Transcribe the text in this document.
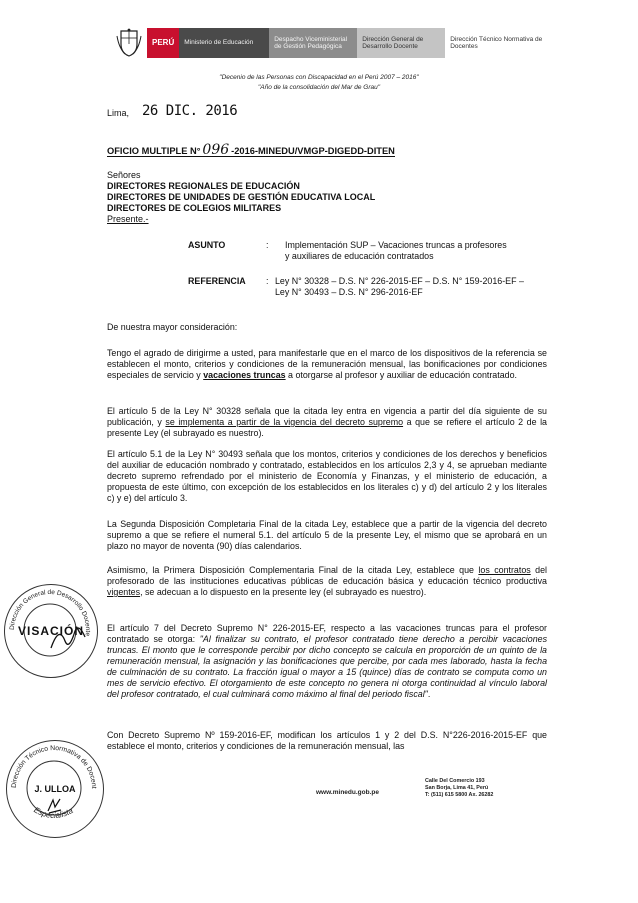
PERÚ	Ministerio de Educación
Despacho Viceministerial de Gestión Pedagógica
Dirección General de Desarrollo Docente
Dirección Técnico Normativa de Docentes
"Decenio de las Personas con Discapacidad en el Perú 2007 – 2016"
"Año de la consolidación del Mar de Grau"
Lima, 26 DIC. 2016
OFICIO MULTIPLE N° 096 -2016-MINEDU/VMGP-DIGEDD-DITEN
Señores
DIRECTORES REGIONALES DE EDUCACIÓN
DIRECTORES DE UNIDADES DE GESTIÓN EDUCATIVA LOCAL
DIRECTORES DE COLEGIOS MILITARES
Presente.-
ASUNTO	:	Implementación SUP – Vacaciones truncas a profesores y auxiliares de educación contratados
REFERENCIA	: Ley N° 30328 – D.S. N° 226-2015-EF – D.S. N° 159-2016-EF – Ley N° 30493 – D.S. N° 296-2016-EF
De nuestra mayor consideración:
Tengo el agrado de dirigirme a usted, para manifestarle que en el marco de los dispositivos de la referencia se establecen el monto, criterios y condiciones de la remuneración mensual, las bonificaciones por condiciones especiales de servicio y vacaciones truncas a otorgarse al profesor y auxiliar de educación contratado.
El artículo 5 de la Ley N° 30328 señala que la citada ley entra en vigencia a partir del día siguiente de su publicación, y se implementa a partir de la vigencia del decreto supremo a que se refiere el artículo 2 de la presente Ley (el subrayado es nuestro).
El artículo 5.1 de la Ley N° 30493 señala que los montos, criterios y condiciones de los derechos y beneficios del auxiliar de educación nombrado y contratado, establecidos en los artículos 2,3 y 4, se aprueban mediante decreto supremo refrendado por el ministerio de Economía y Finanzas, y el ministerio de educación, a propuesta de este último, con excepción de los establecidos en los literales c) y d) del artículo 2 y los literales c) y e) del artículo 3.
La Segunda Disposición Completaria Final de la citada Ley, establece que a partir de la vigencia del decreto supremo a que se refiere el numeral 5.1. del artículo 5 de la presente Ley, el mismo que se aprobará en un plazo no mayor de noventa (90) días calendarios.
Asimismo, la Primera Disposición Complementaria Final de la citada Ley, establece que los contratos del profesorado de las instituciones educativas públicas de educación básica y educación técnico productiva vigentes, se adecuan a lo dispuesto en la presente ley (el subrayado es nuestro).
El artículo 7 del Decreto Supremo N° 226-2015-EF, respecto a las vacaciones truncas para el profesor contratado se otorga: "Al finalizar su contrato, el profesor contratado tiene derecho a percibir vacaciones truncas. El monto que le corresponde percibir por dicho concepto se calcula en proporción de un quinto de la remuneración mensual, la asignación y las bonificaciones que percibe, por cada mes laborado, hasta la fecha de culminación de su contrato. La fracción igual o mayor a 15 (quince) días de contrato se computa como un mes de servicio efectivo. El otorgamiento de este concepto no genera ni otorga continuidad al vínculo laboral del profesor contratado, el cual culminará como máximo al final del periodo fiscal".
Con Decreto Supremo Nº 159-2016-EF, modifican los artículos 1 y 2 del D.S. N°226-2016-2015-EF que establece el monto, criterios y condiciones de la remuneración mensual, las
Dirección General de Desarrollo Docente
VISACIÓN
Dirección Técnico Normativa de Docent
Especialista
J. ULLOA	www.minedu.gob.pe
Calle Del Comercio 193
San Borja, Lima 41, Perú
T: (511) 615 5800 Ax. 26282
